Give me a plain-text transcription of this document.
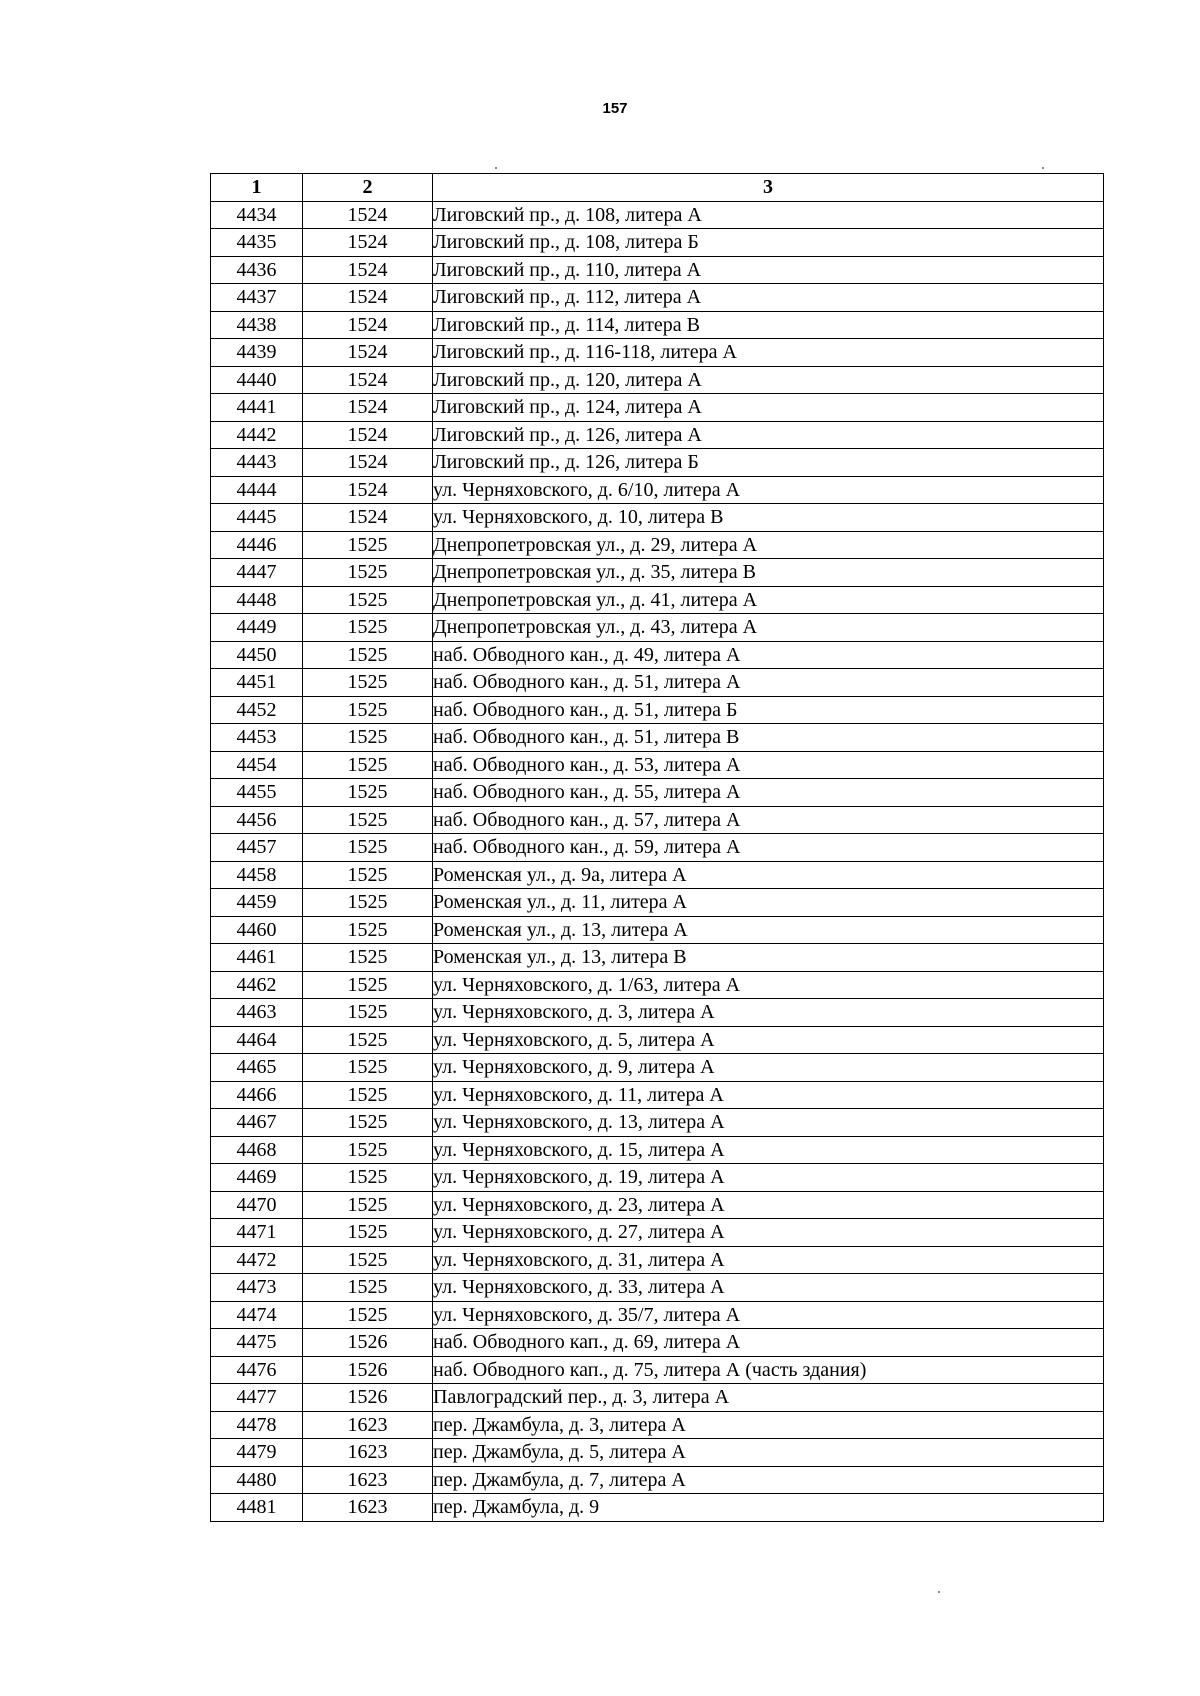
157
1	2	3
4434	1524	Лиговский пр., д. 108, литера А
4435	1524	Лиговский пр., д. 108, литера Б
4436	1524	Лиговский пр., д. 110, литера А
4437	1524	Лиговский пр., д. 112, литера А
4438	1524	Лиговский пр., д. 114, литера В
4439	1524	Лиговский пр., д. 116-118, литера А
4440	1524	Лиговский пр., д. 120, литера А
4441	1524	Лиговский пр., д. 124, литера А
4442	1524	Лиговский пр., д. 126, литера А
4443	1524	Лиговский пр., д. 126, литера Б
4444	1524	ул. Черняховского, д. 6/10, литера А
4445	1524	ул. Черняховского, д. 10, литера В
4446	1525	Днепропетровская ул., д. 29, литера А
4447	1525	Днепропетровская ул., д. 35, литера В
4448	1525	Днепропетровская ул., д. 41, литера А
4449	1525	Днепропетровская ул., д. 43, литера А
4450	1525	наб. Обводного кан., д. 49, литера А
4451	1525	наб. Обводного кан., д. 51, литера А
4452	1525	наб. Обводного кан., д. 51, литера Б
4453	1525	наб. Обводного кан., д. 51, литера В
4454	1525	наб. Обводного кан., д. 53, литера А
4455	1525	наб. Обводного кан., д. 55, литера А
4456	1525	наб. Обводного кан., д. 57, литера А
4457	1525	наб. Обводного кан., д. 59, литера А
4458	1525	Роменская ул., д. 9а, литера А
4459	1525	Роменская ул., д. 11, литера А
4460	1525	Роменская ул., д. 13, литера А
4461	1525	Роменская ул., д. 13, литера В
4462	1525	ул. Черняховского, д. 1/63, литера А
4463	1525	ул. Черняховского, д. 3, литера А
4464	1525	ул. Черняховского, д. 5, литера А
4465	1525	ул. Черняховского, д. 9, литера А
4466	1525	ул. Черняховского, д. 11, литера А
4467	1525	ул. Черняховского, д. 13, литера А
4468	1525	ул. Черняховского, д. 15, литера А
4469	1525	ул. Черняховского, д. 19, литера А
4470	1525	ул. Черняховского, д. 23, литера А
4471	1525	ул. Черняховского, д. 27, литера А
4472	1525	ул. Черняховского, д. 31, литера А
4473	1525	ул. Черняховского, д. 33, литера А
4474	1525	ул. Черняховского, д. 35/7, литера А
4475	1526	наб. Обводного кап., д. 69, литера А
4476	1526	наб. Обводного кап., д. 75, литера А (часть здания)
4477	1526	Павлоградский пер., д. 3, литера А
4478	1623	пер. Джамбула, д. 3, литера А
4479	1623	пер. Джамбула, д. 5, литера А
4480	1623	пер. Джамбула, д. 7, литера А
4481	1623	пер. Джамбула, д. 9
